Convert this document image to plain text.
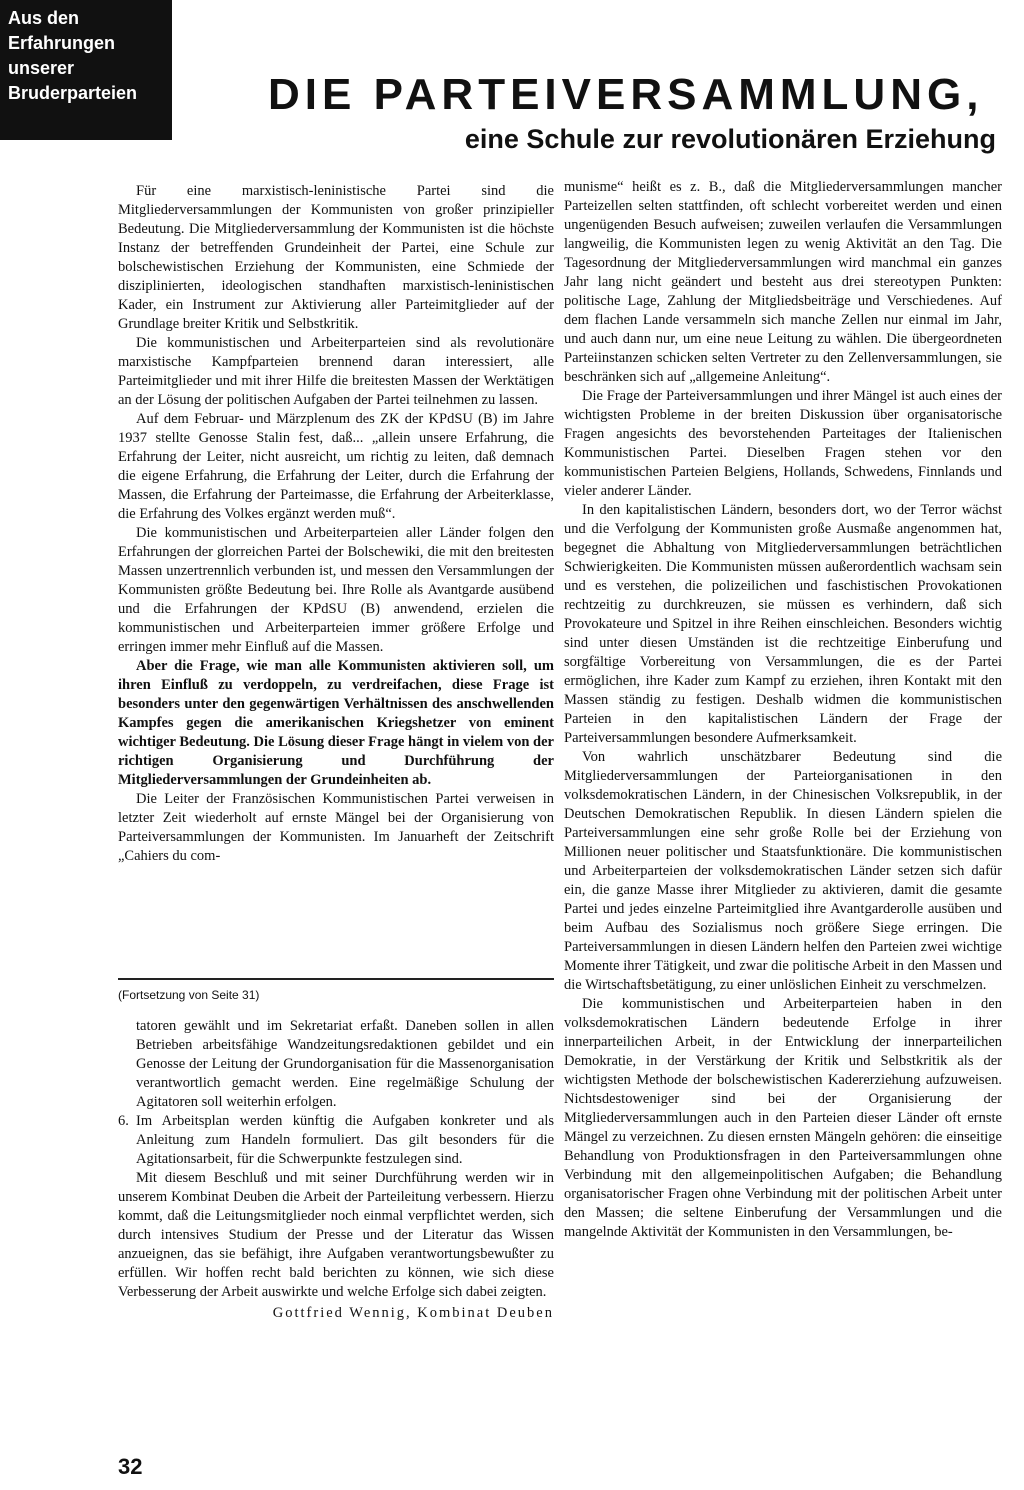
Aus den
Erfahrungen
unserer
Bruderparteien	DIE PARTEIVERSAMMLUNG,
eine Schule zur revolutionären Erziehung

Für eine marxistisch-leninistische Partei sind die Mitgliederversammlungen der Kommunisten von großer prinzipieller Bedeutung. Die Mitgliederversammlung der Kommunisten ist die höchste Instanz der betreffenden Grundeinheit der Partei, eine Schule zur bolschewistischen Erziehung der Kommunisten, eine Schmiede der disziplinierten, ideologischen standhaften marxistisch-leninistischen Kader, ein Instrument zur Aktivierung aller Parteimitglieder auf der Grundlage breiter Kritik und Selbstkritik.

Die kommunistischen und Arbeiterparteien sind als revolutionäre marxistische Kampfparteien brennend daran interessiert, alle Parteimitglieder und mit ihrer Hilfe die breitesten Massen der Werktätigen an der Lösung der politischen Aufgaben der Partei teilnehmen zu lassen.

Auf dem Februar- und Märzplenum des ZK der KPdSU (B) im Jahre 1937 stellte Genosse Stalin fest, daß... „allein unsere Erfahrung, die Erfahrung der Leiter, nicht ausreicht, um richtig zu leiten, daß demnach die eigene Erfahrung, die Erfahrung der Leiter, durch die Erfahrung der Massen, die Erfahrung der Parteimasse, die Erfahrung der Arbeiterklasse, die Erfahrung des Volkes ergänzt werden muß“.

Die kommunistischen und Arbeiterparteien aller Länder folgen den Erfahrungen der glorreichen Partei der Bolschewiki, die mit den breitesten Massen unzertrennlich verbunden ist, und messen den Versammlungen der Kommunisten größte Bedeutung bei. Ihre Rolle als Avantgarde ausübend und die Erfahrungen der KPdSU (B) anwendend, erzielen die kommunistischen und Arbeiterparteien immer größere Erfolge und erringen immer mehr Einfluß auf die Massen.

Aber die Frage, wie man alle Kommunisten aktivieren soll, um ihren Einfluß zu verdoppeln, zu verdreifachen, diese Frage ist besonders unter den gegenwärtigen Verhältnissen des anschwellenden Kampfes gegen die amerikanischen Kriegshetzer von eminent wichtiger Bedeutung. Die Lösung dieser Frage hängt in vielem von der richtigen Organisierung und Durchführung der Mitgliederversammlungen der Grundeinheiten ab.

Die Leiter der Französischen Kommunistischen Partei verweisen in letzter Zeit wiederholt auf ernste Mängel bei der Organisierung von Parteiversammlungen der Kommunisten. Im Januarheft der Zeitschrift „Cahiers du com-

(Fortsetzung von Seite 31)

tatoren gewählt und im Sekretariat erfaßt. Daneben sollen in allen Betrieben arbeitsfähige Wandzeitungsredaktionen gebildet und ein Genosse der Leitung der Grundorganisation für die Massenorganisation verantwortlich gemacht werden. Eine regelmäßige Schulung der Agitatoren soll weiterhin erfolgen.

6. Im Arbeitsplan werden künftig die Aufgaben konkreter und als Anleitung zum Handeln formuliert. Das gilt besonders für die Agitationsarbeit, für die Schwerpunkte festzulegen sind.

Mit diesem Beschluß und mit seiner Durchführung werden wir in unserem Kombinat Deuben die Arbeit der Parteileitung verbessern. Hierzu kommt, daß die Leitungsmitglieder noch einmal verpflichtet werden, sich durch intensives Studium der Presse und der Literatur das Wissen anzueignen, das sie befähigt, ihre Aufgaben verantwortungsbewußter zu erfüllen. Wir hoffen recht bald berichten zu können, wie sich diese Verbesserung der Arbeit auswirkte und welche Erfolge sich dabei zeigten.

Gottfried Wennig, Kombinat Deuben

munisme“ heißt es z. B., daß die Mitgliederversammlungen mancher Parteizellen selten stattfinden, oft schlecht vorbereitet werden und einen ungenügenden Besuch aufweisen; zuweilen verlaufen die Versammlungen langweilig, die Kommunisten legen zu wenig Aktivität an den Tag. Die Tagesordnung der Mitgliederversammlungen wird manchmal ein ganzes Jahr lang nicht geändert und besteht aus drei stereotypen Punkten: politische Lage, Zahlung der Mitgliedsbeiträge und Verschiedenes. Auf dem flachen Lande versammeln sich manche Zellen nur einmal im Jahr, und auch dann nur, um eine neue Leitung zu wählen. Die übergeordneten Parteiinstanzen schicken selten Vertreter zu den Zellenversammlungen, sie beschränken sich auf „allgemeine Anleitung“.

Die Frage der Parteiversammlungen und ihrer Mängel ist auch eines der wichtigsten Probleme in der breiten Diskussion über organisatorische Fragen angesichts des bevorstehenden Parteitages der Italienischen Kommunistischen Partei. Dieselben Fragen stehen vor den kommunistischen Parteien Belgiens, Hollands, Schwedens, Finnlands und vieler anderer Länder.

In den kapitalistischen Ländern, besonders dort, wo der Terror wächst und die Verfolgung der Kommunisten große Ausmaße angenommen hat, begegnet die Abhaltung von Mitgliederversammlungen beträchtlichen Schwierigkeiten. Die Kommunisten müssen außerordentlich wachsam sein und es verstehen, die polizeilichen und faschistischen Provokationen rechtzeitig zu durchkreuzen, sie müssen es verhindern, daß sich Provokateure und Spitzel in ihre Reihen einschleichen. Besonders wichtig sind unter diesen Umständen ist die rechtzeitige Einberufung und sorgfältige Vorbereitung von Versammlungen, die es der Partei ermöglichen, ihre Kader zum Kampf zu erziehen, ihren Kontakt mit den Massen ständig zu festigen. Deshalb widmen die kommunistischen Parteien in den kapitalistischen Ländern der Frage der Parteiversammlungen besondere Aufmerksamkeit.

Von wahrlich unschätzbarer Bedeutung sind die Mitgliederversammlungen der Parteiorganisationen in den volksdemokratischen Ländern, in der Chinesischen Volksrepublik, in der Deutschen Demokratischen Republik. In diesen Ländern spielen die Parteiversammlungen eine sehr große Rolle bei der Erziehung von Millionen neuer politischer und Staatsfunktionäre. Die kommunistischen und Arbeiterparteien der volksdemokratischen Länder setzen sich dafür ein, die ganze Masse ihrer Mitglieder zu aktivieren, damit die gesamte Partei und jedes einzelne Parteimitglied ihre Avantgarderolle ausüben und beim Aufbau des Sozialismus noch größere Siege erringen. Die Parteiversammlungen in diesen Ländern helfen den Parteien zwei wichtige Momente ihrer Tätigkeit, und zwar die politische Arbeit in den Massen und die Wirtschaftsbetätigung, zu einer unlöslichen Einheit zu verschmelzen.

Die kommunistischen und Arbeiterparteien haben in den volksdemokratischen Ländern bedeutende Erfolge in ihrer innerparteilichen Arbeit, in der Entwicklung der innerparteilichen Demokratie, in der Verstärkung der Kritik und Selbstkritik als der wichtigsten Methode der bolschewistischen Kadererziehung aufzuweisen. Nichtsdestoweniger sind bei der Organisierung der Mitgliederversammlungen auch in den Parteien dieser Länder oft ernste Mängel zu verzeichnen. Zu diesen ernsten Mängeln gehören: die einseitige Behandlung von Produktionsfragen in den Parteiversammlungen ohne Verbindung mit den allgemeinpolitischen Aufgaben; die Behandlung organisatorischer Fragen ohne Verbindung mit der politischen Arbeit unter den Massen; die seltene Einberufung der Versammlungen und die mangelnde Aktivität der Kommunisten in den Versammlungen, be-

32
